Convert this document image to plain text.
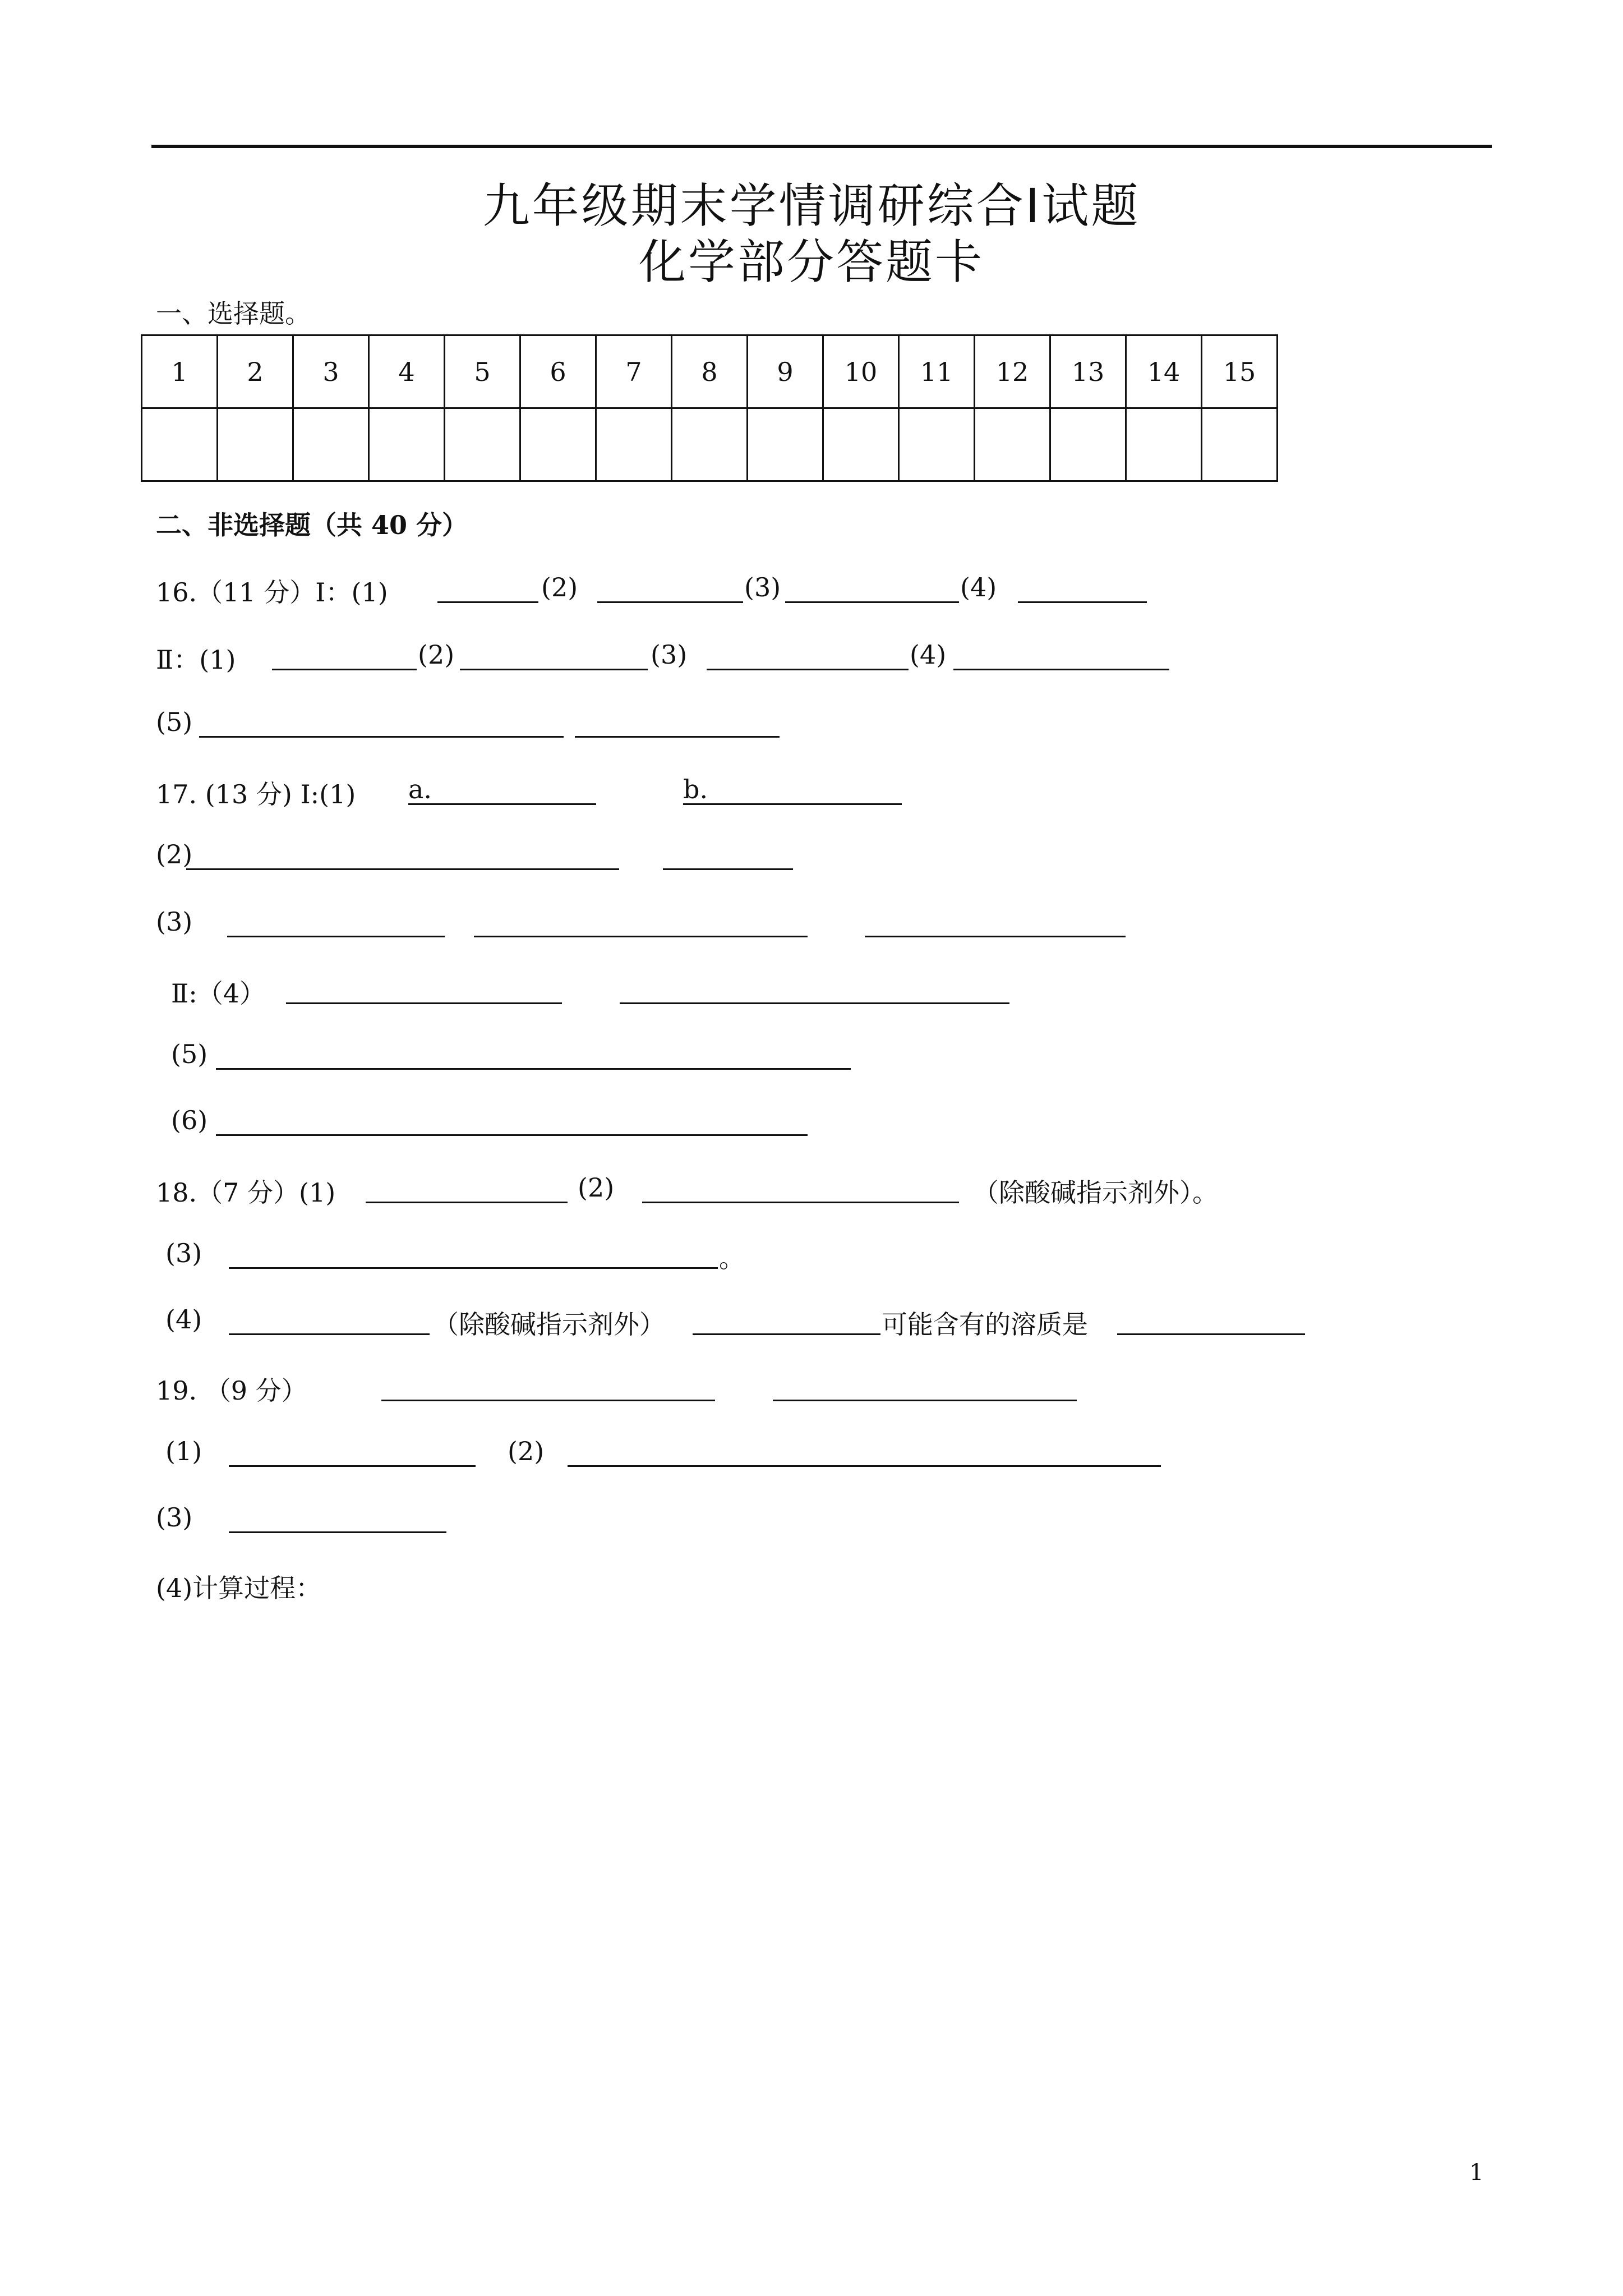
九年级期末学情调研综合Ⅰ试题
化学部分答题卡
一、选择题。
1	2	3	4	5	6	7	8	9	10	11	12	13	14	15

二、非选择题（共 40 分）
16.（11 分）Ⅰ：(1)	(2)	(3)	(4)
Ⅱ：(1)	(2)	(3)	(4)
(5)
17. (13 分) Ⅰ:(1) a.	b.
(2)
(3)
Ⅱ:（4）
(5)
(6)
18.（7 分）(1)	(2)	（除酸碱指示剂外）。
(3)	。
(4)	（除酸碱指示剂外）	可能含有的溶质是
19. （9 分）
(1)	(2)
(3)
(4)计算过程：
1
